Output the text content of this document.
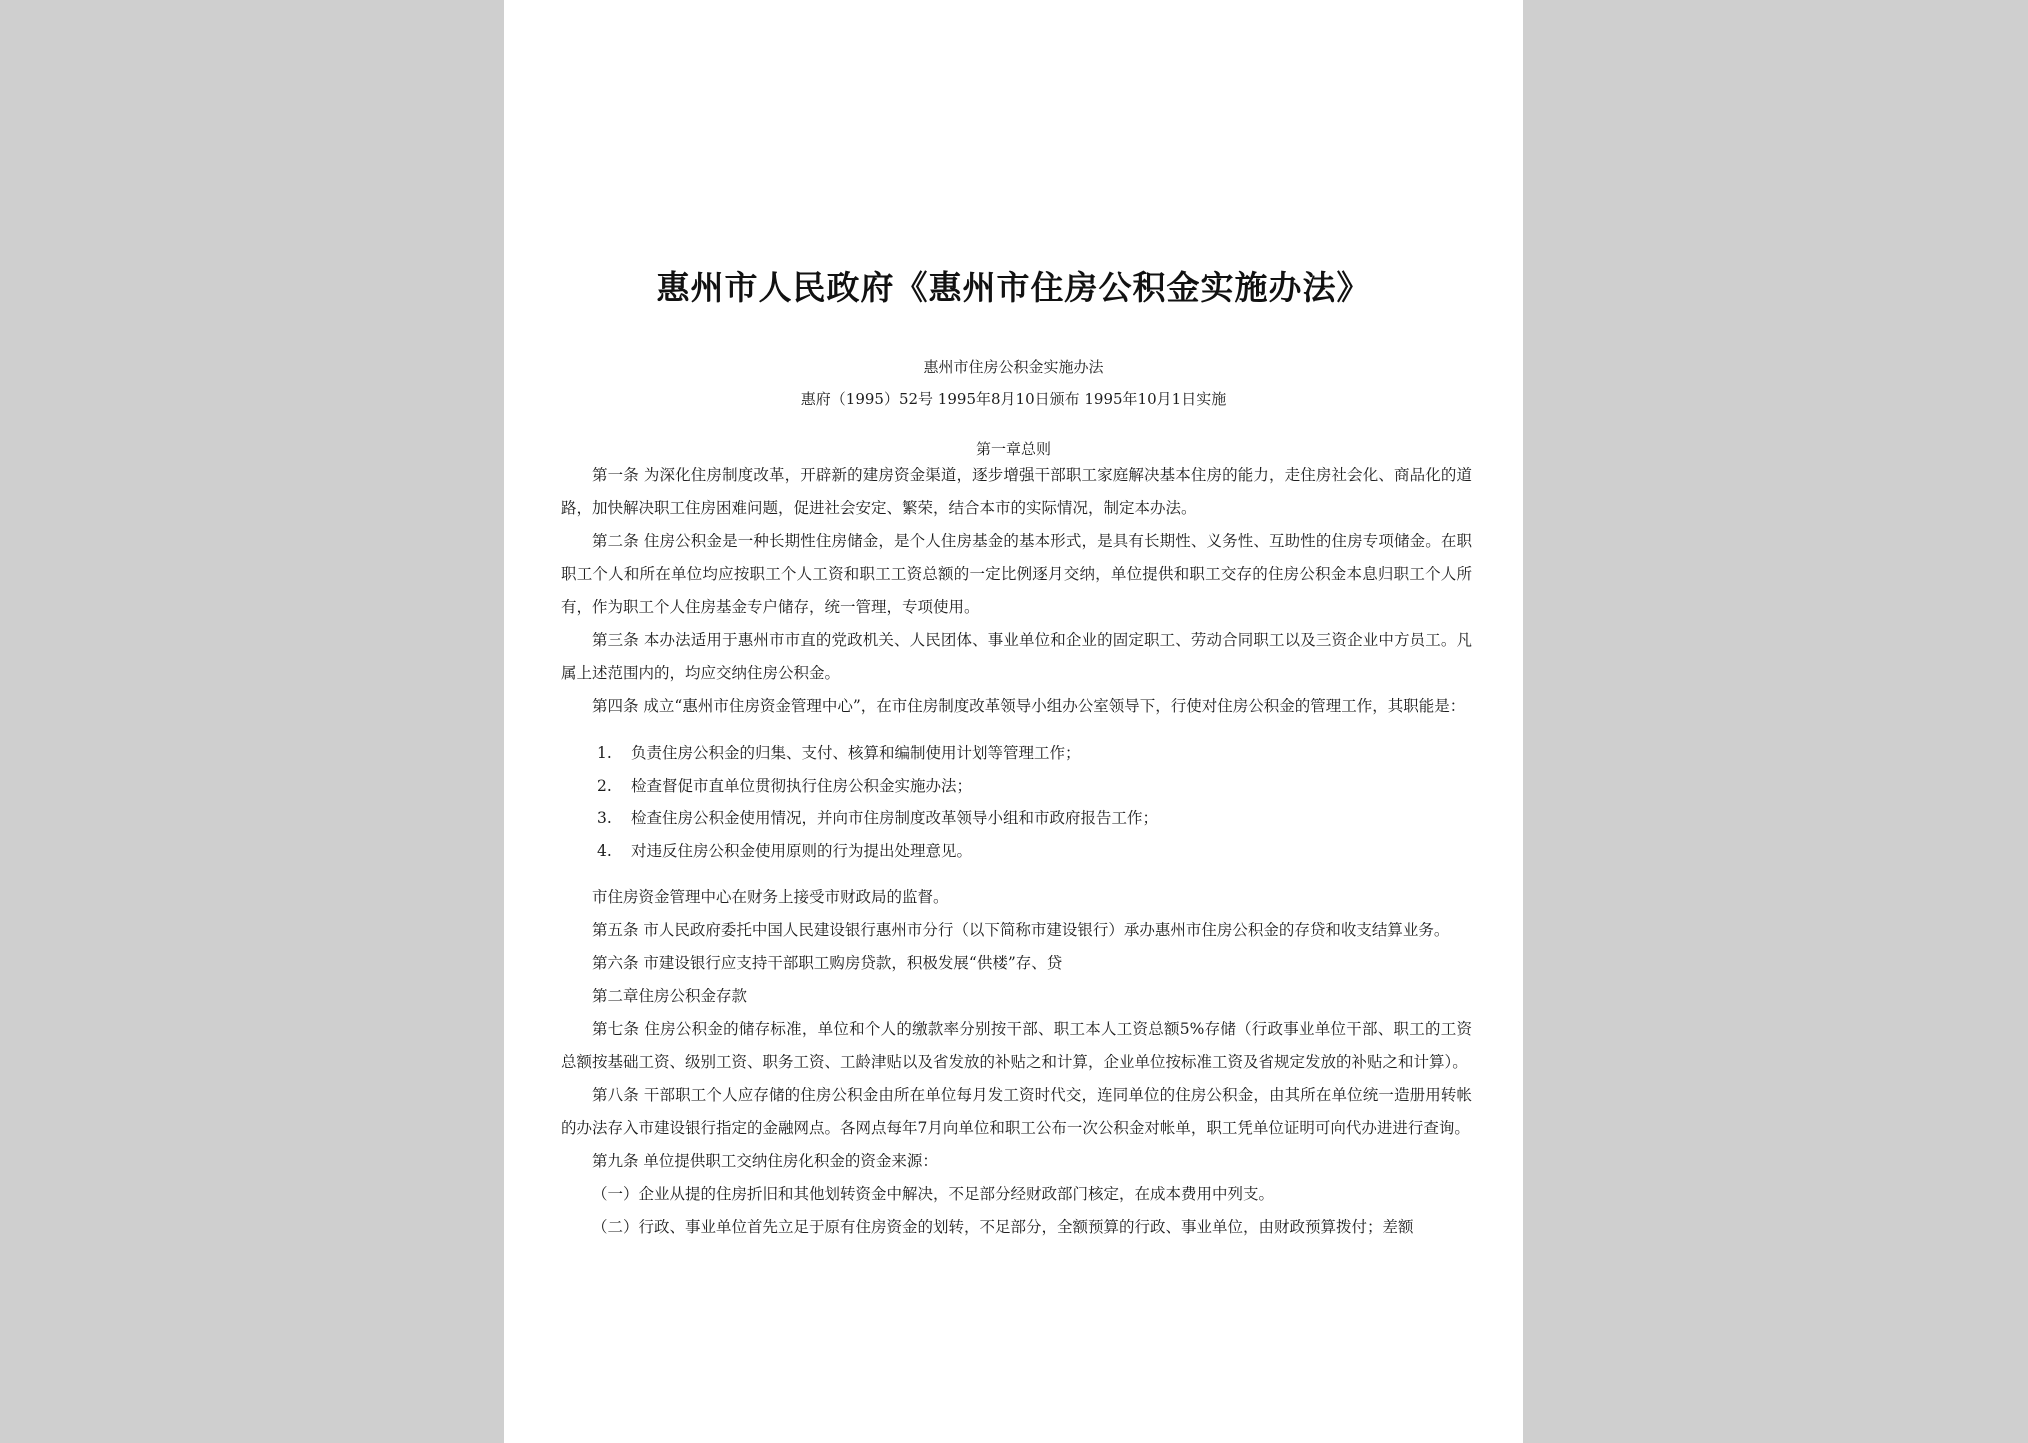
惠州市人民政府《惠州市住房公积金实施办法》
惠州市住房公积金实施办法
惠府（1995）52号 1995年8月10日颁布 1995年10月1日实施
第一章总则

第一条 为深化住房制度改革，开辟新的建房资金渠道，逐步增强干部职工家庭解决基本住房的能力，走住房社会化、商品化的道路，加快解决职工住房困难问题，促进社会安定、繁荣，结合本市的实际情况，制定本办法。

第二条 住房公积金是一种长期性住房储金，是个人住房基金的基本形式，是具有长期性、义务性、互助性的住房专项储金。在职职工个人和所在单位均应按职工个人工资和职工工资总额的一定比例逐月交纳，单位提供和职工交存的住房公积金本息归职工个人所有，作为职工个人住房基金专户储存，统一管理，专项使用。

第三条 本办法适用于惠州市市直的党政机关、人民团体、事业单位和企业的固定职工、劳动合同职工以及三资企业中方员工。凡属上述范围内的，均应交纳住房公积金。

第四条 成立“惠州市住房资金管理中心”，在市住房制度改革领导小组办公室领导下，行使对住房公积金的管理工作，其职能是：

1. 负责住房公积金的归集、支付、核算和编制使用计划等管理工作；
2. 检查督促市直单位贯彻执行住房公积金实施办法；
3. 检查住房公积金使用情况，并向市住房制度改革领导小组和市政府报告工作；
4. 对违反住房公积金使用原则的行为提出处理意见。

市住房资金管理中心在财务上接受市财政局的监督。

第五条 市人民政府委托中国人民建设银行惠州市分行（以下简称市建设银行）承办惠州市住房公积金的存贷和收支结算业务。

第六条 市建设银行应支持干部职工购房贷款，积极发展“供楼”存、贷

第二章住房公积金存款

第七条 住房公积金的储存标准，单位和个人的缴款率分别按干部、职工本人工资总额5%存储（行政事业单位干部、职工的工资总额按基础工资、级别工资、职务工资、工龄津贴以及省发放的补贴之和计算，企业单位按标准工资及省规定发放的补贴之和计算）。

第八条 干部职工个人应存储的住房公积金由所在单位每月发工资时代交，连同单位的住房公积金，由其所在单位统一造册用转帐的办法存入市建设银行指定的金融网点。各网点每年7月向单位和职工公布一次公积金对帐单，职工凭单位证明可向代办进进行查询。

第九条 单位提供职工交纳住房化积金的资金来源：

（一）企业从提的住房折旧和其他划转资金中解决，不足部分经财政部门核定，在成本费用中列支。

（二）行政、事业单位首先立足于原有住房资金的划转，不足部分，全额预算的行政、事业单位，由财政预算拨付；差额
